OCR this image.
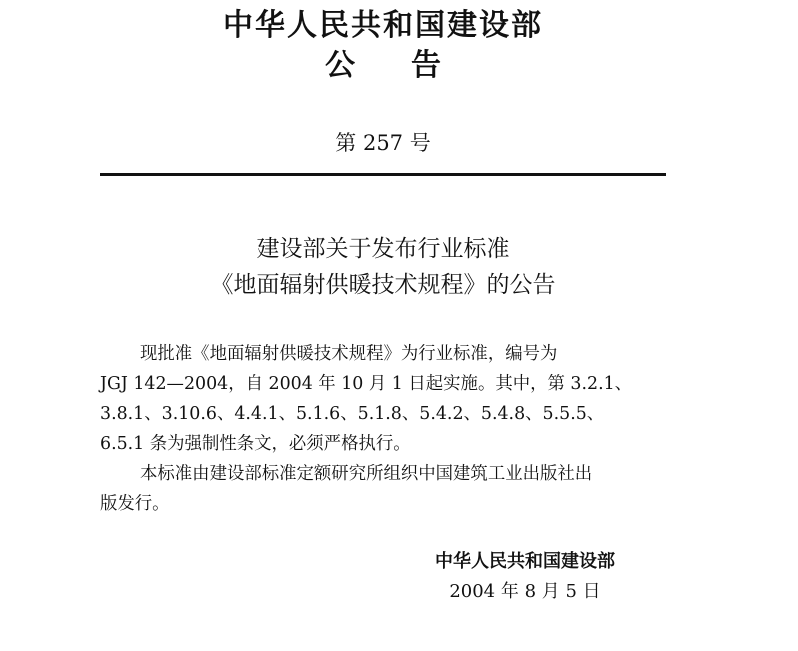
中华人民共和国建设部
公告
第 257 号
建设部关于发布行业标准
《地面辐射供暖技术规程》的公告

现批准《地面辐射供暖技术规程》为行业标准，编号为
JGJ 142—2004，自 2004 年 10 月 1 日起实施。其中，第 3.2.1、
3.8.1、3.10.6、4.4.1、5.1.6、5.1.8、5.4.2、5.4.8、5.5.5、
6.5.1 条为强制性条文，必须严格执行。

本标准由建设部标准定额研究所组织中国建筑工业出版社出
版发行。

中华人民共和国建设部
2004 年 8 月 5 日
